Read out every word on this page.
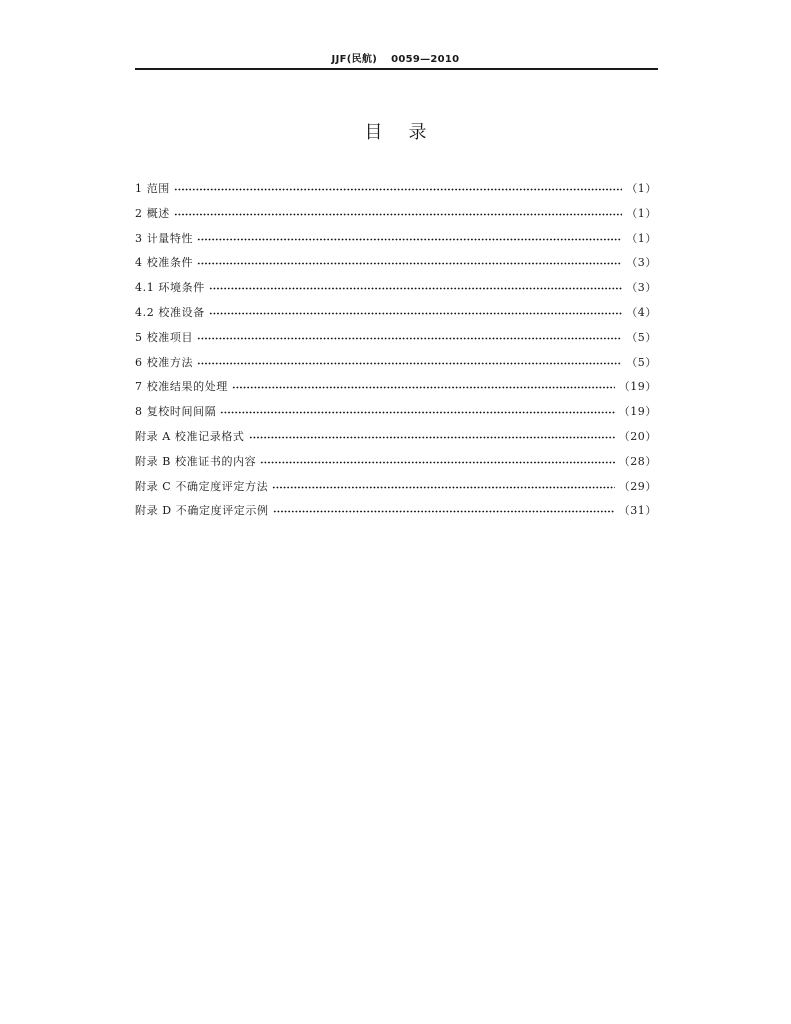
JJF(民航) 0059—2010
目录
1 范围	（1）
2 概述	（1）
3 计量特性	（1）
4 校准条件	（3）
4.1 环境条件	（3）
4.2 校准设备	（4）
5 校准项目	（5）
6 校准方法	（5）
7 校准结果的处理	（19）
8 复校时间间隔	（19）
附录 A 校准记录格式	（20）
附录 B 校准证书的内容	（28）
附录 C 不确定度评定方法	（29）
附录 D 不确定度评定示例	（31）
